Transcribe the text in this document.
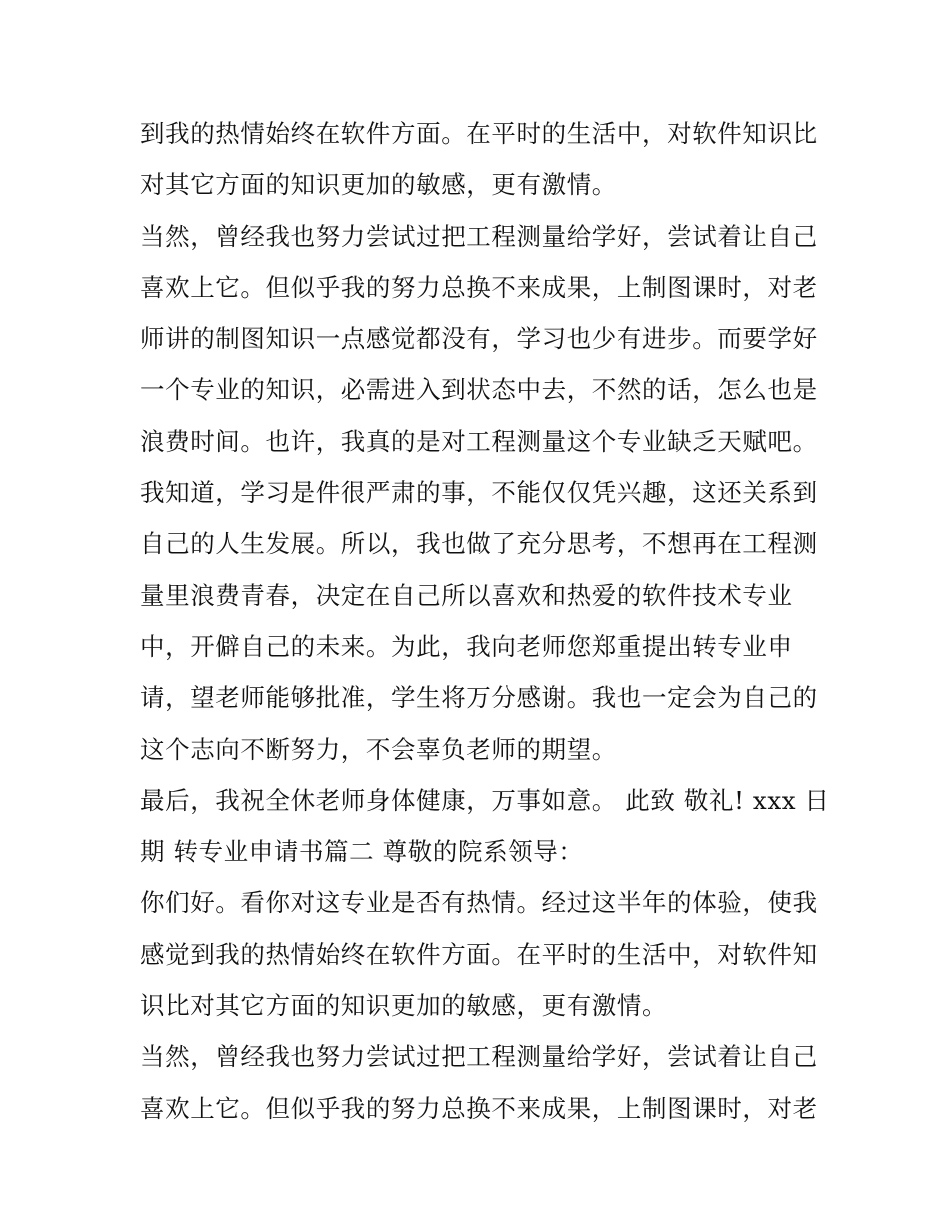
到我的热情始终在软件方面。在平时的生活中，对软件知识比
对其它方面的知识更加的敏感，更有激情。
当然，曾经我也努力尝试过把工程测量给学好，尝试着让自己
喜欢上它。但似乎我的努力总换不来成果，上制图课时，对老
师讲的制图知识一点感觉都没有，学习也少有进步。而要学好
一个专业的知识，必需进入到状态中去，不然的话，怎么也是
浪费时间。也许，我真的是对工程测量这个专业缺乏天赋吧。
我知道，学习是件很严肃的事，不能仅仅凭兴趣，这还关系到
自己的人生发展。所以，我也做了充分思考，不想再在工程测
量里浪费青春，决定在自己所以喜欢和热爱的软件技术专业
中，开僻自己的未来。为此，我向老师您郑重提出转专业申
请，望老师能够批准，学生将万分感谢。我也一定会为自己的
这个志向不断努力，不会辜负老师的期望。
最后，我祝全休老师身体健康，万事如意。 此致 敬礼! xxx 日
期 转专业申请书篇二 尊敬的院系领导：
你们好。看你对这专业是否有热情。经过这半年的体验，使我
感觉到我的热情始终在软件方面。在平时的生活中，对软件知
识比对其它方面的知识更加的敏感，更有激情。
当然，曾经我也努力尝试过把工程测量给学好，尝试着让自己
喜欢上它。但似乎我的努力总换不来成果，上制图课时，对老
